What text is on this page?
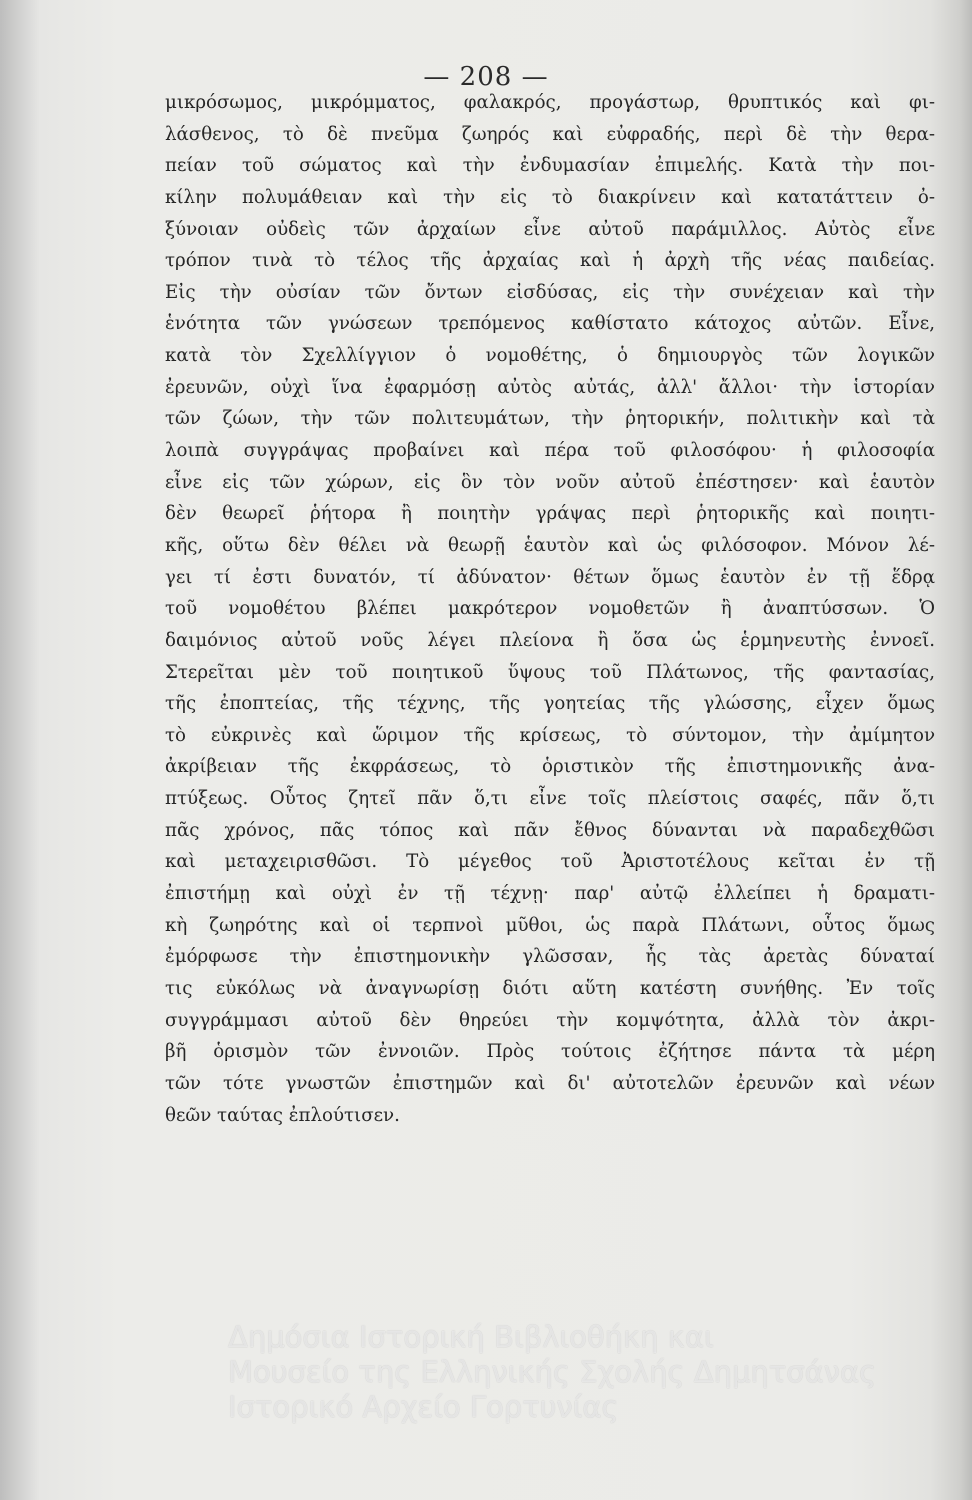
— 208 —
μικρόσωμος, μικρόμματος, φαλακρός, προγάστωρ, θρυπτικός καὶ φι-
λάσθενος, τὸ δὲ πνεῦμα ζωηρός καὶ εὐφραδής, περὶ δὲ τὴν θερα-
πείαν τοῦ σώματος καὶ τὴν ἐνδυμασίαν ἐπιμελής. Κατὰ τὴν ποι-
κίλην πολυμάθειαν καὶ τὴν εἰς τὸ διακρίνειν καὶ κατατάττειν ὀ-
ξύνοιαν οὐδεὶς τῶν ἀρχαίων εἶνε αὐτοῦ παράμιλλος. Αὐτὸς εἶνε
τρόπον τινὰ τὸ τέλος τῆς ἀρχαίας καὶ ἡ ἀρχὴ τῆς νέας παιδείας.
Εἰς τὴν οὐσίαν τῶν ὄντων εἰσδύσας, εἰς τὴν συνέχειαν καὶ τὴν
ἑνότητα τῶν γνώσεων τρεπόμενος καθίστατο κάτοχος αὐτῶν. Εἶνε,
κατὰ τὸν Σχελλίγγιον ὁ νομοθέτης, ὁ δημιουργὸς τῶν λογικῶν
ἐρευνῶν, οὐχὶ ἵνα ἐφαρμόσῃ αὐτὸς αὐτάς, ἀλλ' ἄλλοι· τὴν ἱστορίαν
τῶν ζώων, τὴν τῶν πολιτευμάτων, τὴν ῥητορικήν, πολιτικὴν καὶ τὰ
λοιπὰ συγγράψας προβαίνει καὶ πέρα τοῦ φιλοσόφου· ἡ φιλοσοφία
εἶνε εἰς τῶν χώρων, εἰς ὃν τὸν νοῦν αὐτοῦ ἐπέστησεν· καὶ ἑαυτὸν
δὲν θεωρεῖ ῥήτορα ἢ ποιητὴν γράψας περὶ ῥητορικῆς καὶ ποιητι-
κῆς, οὕτω δὲν θέλει νὰ θεωρῇ ἑαυτὸν καὶ ὡς φιλόσοφον. Μόνον λέ-
γει τί ἐστι δυνατόν, τί ἀδύνατον· θέτων ὅμως ἑαυτὸν ἐν τῇ ἕδρᾳ
τοῦ νομοθέτου βλέπει μακρότερον νομοθετῶν ἢ ἀναπτύσσων. Ὁ
δαιμόνιος αὐτοῦ νοῦς λέγει πλείονα ἢ ὅσα ὡς ἑρμηνευτὴς ἐννοεῖ.
Στερεῖται μὲν τοῦ ποιητικοῦ ὕψους τοῦ Πλάτωνος, τῆς φαντασίας,
τῆς ἐποπτείας, τῆς τέχνης, τῆς γοητείας τῆς γλώσσης, εἶχεν ὅμως
τὸ εὐκρινὲς καὶ ὥριμον τῆς κρίσεως, τὸ σύντομον, τὴν ἀμίμητον
ἀκρίβειαν τῆς ἐκφράσεως, τὸ ὁριστικὸν τῆς ἐπιστημονικῆς ἀνα-
πτύξεως. Οὗτος ζητεῖ πᾶν ὅ,τι εἶνε τοῖς πλείστοις σαφές, πᾶν ὅ,τι
πᾶς χρόνος, πᾶς τόπος καὶ πᾶν ἔθνος δύνανται νὰ παραδεχθῶσι
καὶ μεταχειρισθῶσι. Τὸ μέγεθος τοῦ Ἀριστοτέλους κεῖται ἐν τῇ
ἐπιστήμῃ καὶ οὐχὶ ἐν τῇ τέχνῃ· παρ' αὐτῷ ἐλλείπει ἡ δραματι-
κὴ ζωηρότης καὶ οἱ τερπνοὶ μῦθοι, ὡς παρὰ Πλάτωνι, οὗτος ὅμως
ἐμόρφωσε τὴν ἐπιστημονικὴν γλῶσσαν, ἧς τὰς ἀρετὰς δύναταί
τις εὐκόλως νὰ ἀναγνωρίσῃ διότι αὕτη κατέστη συνήθης. Ἐν τοῖς
συγγράμμασι αὐτοῦ δὲν θηρεύει τὴν κομψότητα, ἀλλὰ τὸν ἀκρι-
βῆ ὁρισμὸν τῶν ἐννοιῶν. Πρὸς τούτοις ἐζήτησε πάντα τὰ μέρη
τῶν τότε γνωστῶν ἐπιστημῶν καὶ δι' αὐτοτελῶν ἐρευνῶν καὶ νέων
θεῶν ταύτας ἐπλούτισεν.
Δημόσια Ιστορική Βιβλιοθήκη και
Μουσείο της Ελληνικής Σχολής Δημητσάνας
Ιστορικό Αρχείο Γορτυνίας
